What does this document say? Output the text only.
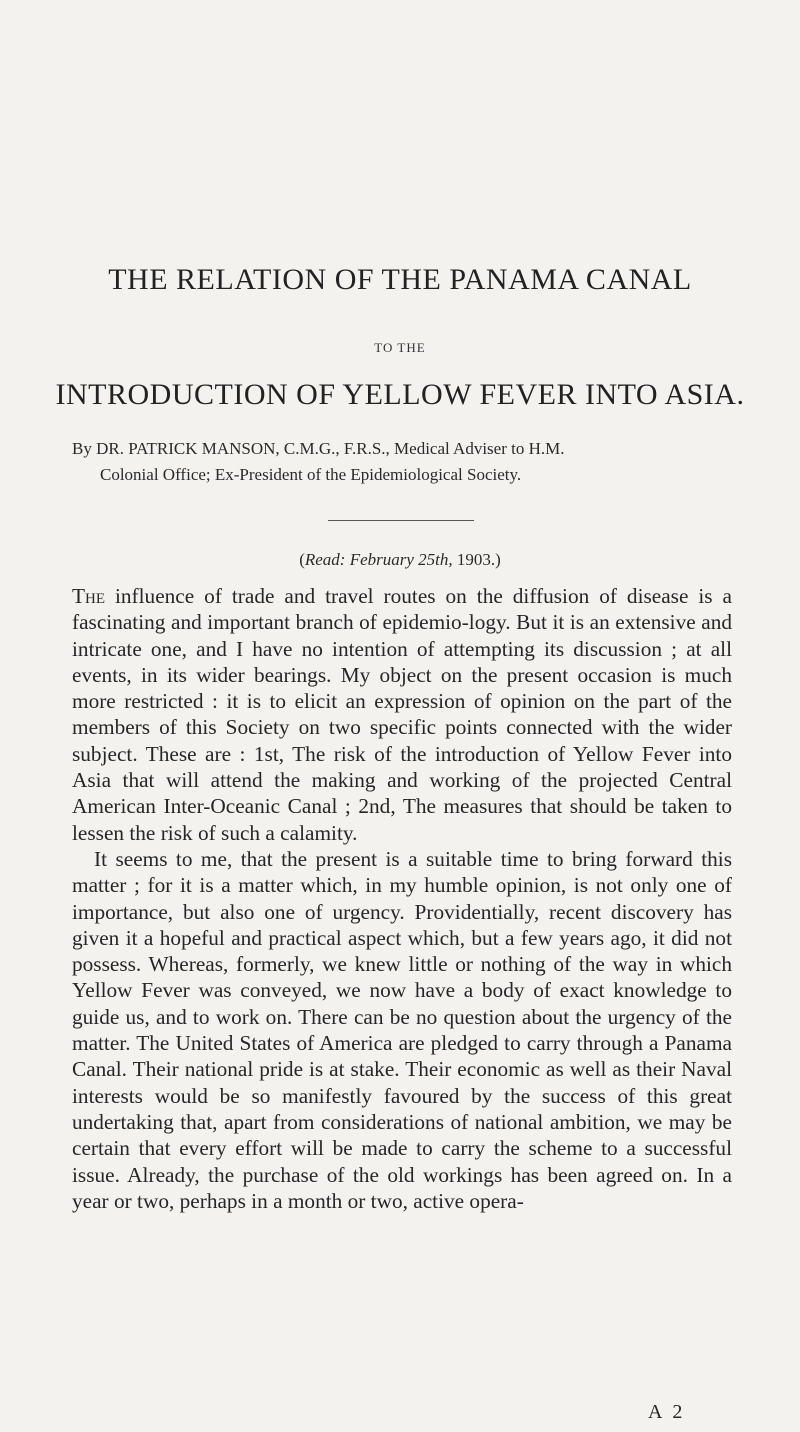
THE RELATION OF THE PANAMA CANAL
TO THE
INTRODUCTION OF YELLOW FEVER INTO ASIA.
By DR. PATRICK MANSON, C.M.G., F.R.S., Medical Adviser to H.M.
Colonial Office; Ex-President of the Epidemiological Society.
(Read: February 25th, 1903.)

The influence of trade and travel routes on the diffusion of disease is a fascinating and important branch of epidemio-logy. But it is an extensive and intricate one, and I have no intention of attempting its discussion ; at all events, in its wider bearings. My object on the present occasion is much more restricted : it is to elicit an expression of opinion on the part of the members of this Society on two specific points connected with the wider subject. These are : 1st, The risk of the introduction of Yellow Fever into Asia that will attend the making and working of the projected Central American Inter-Oceanic Canal ; 2nd, The measures that should be taken to lessen the risk of such a calamity.

It seems to me, that the present is a suitable time to bring forward this matter ; for it is a matter which, in my humble opinion, is not only one of importance, but also one of urgency. Providentially, recent discovery has given it a hopeful and practical aspect which, but a few years ago, it did not possess. Whereas, formerly, we knew little or nothing of the way in which Yellow Fever was conveyed, we now have a body of exact knowledge to guide us, and to work on. There can be no question about the urgency of the matter. The United States of America are pledged to carry through a Panama Canal. Their national pride is at stake. Their economic as well as their Naval interests would be so manifestly favoured by the success of this great undertaking that, apart from considerations of national ambition, we may be certain that every effort will be made to carry the scheme to a successful issue. Already, the purchase of the old workings has been agreed on. In a year or two, perhaps in a month or two, active opera-

A 2
